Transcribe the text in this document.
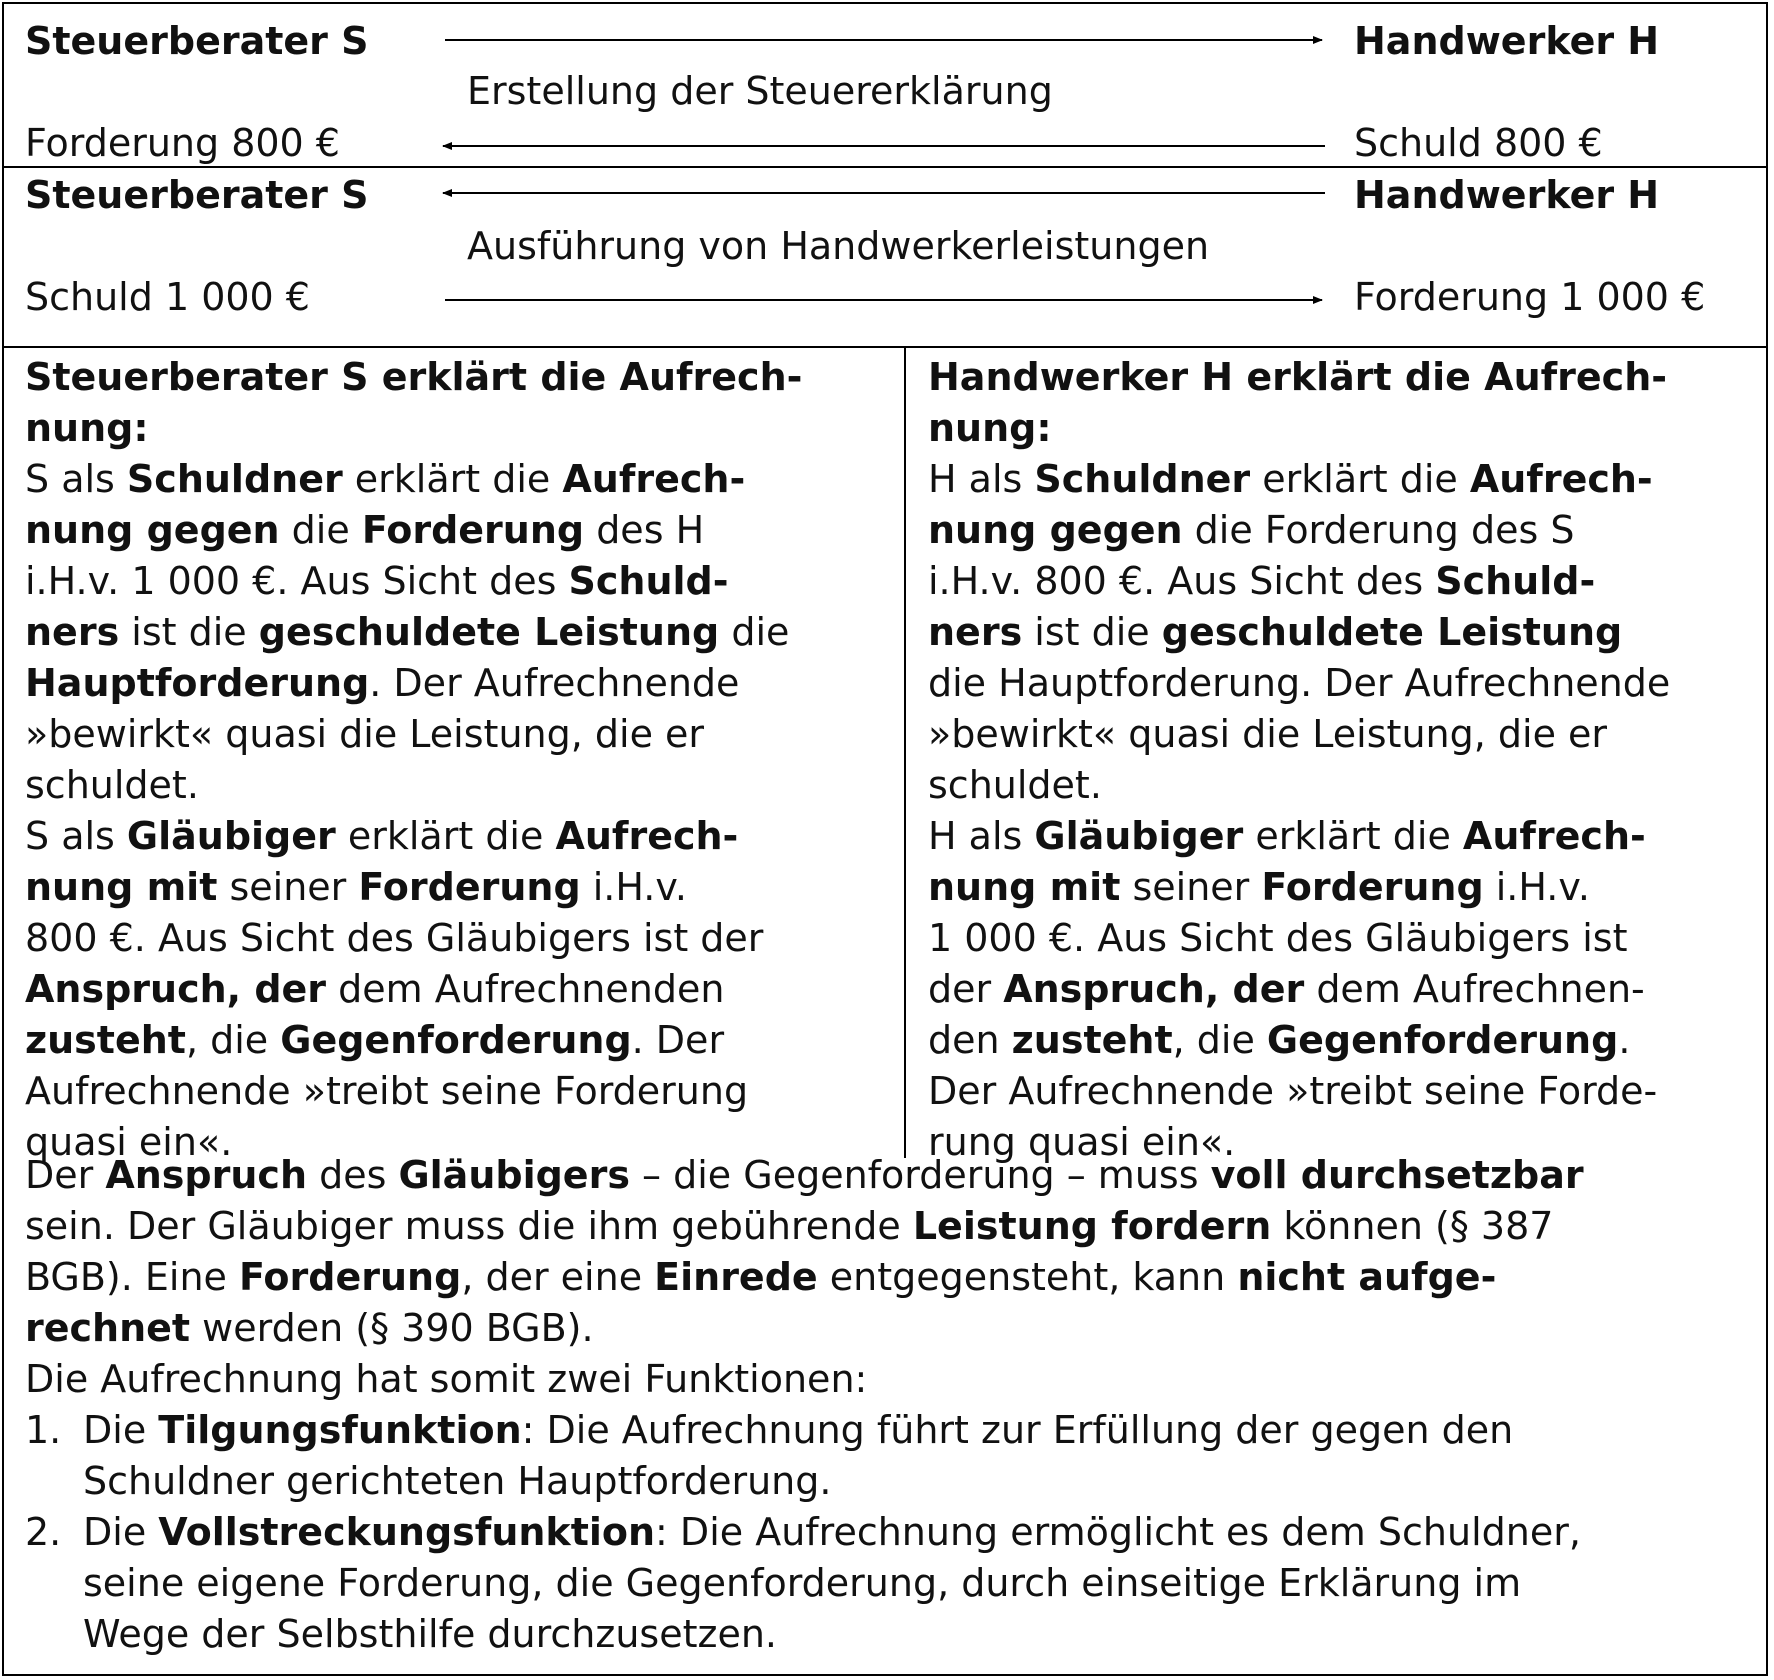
Steuerberater S	Handwerker H
Erstellung der Steuererklärung
Forderung 800 €	Schuld 800 €
Steuerberater S	Handwerker H
Ausführung von Handwerkerleistungen
Schuld 1 000 €	Forderung 1 000 €
Steuerberater S erklärt die Aufrech-
nung:
S als Schuldner erklärt die Aufrech-
nung gegen die Forderung des H
i.H.v. 1 000 €. Aus Sicht des Schuld-
ners ist die geschuldete Leistung die
Hauptforderung. Der Aufrechnende
»bewirkt« quasi die Leistung, die er
schuldet.
S als Gläubiger erklärt die Aufrech-
nung mit seiner Forderung i.H.v.
800 €. Aus Sicht des Gläubigers ist der
Anspruch, der dem Aufrechnenden
zusteht, die Gegenforderung. Der
Aufrechnende »treibt seine Forderung
quasi ein«.
Handwerker H erklärt die Aufrech-
nung:
H als Schuldner erklärt die Aufrech-
nung gegen die Forderung des S
i.H.v. 800 €. Aus Sicht des Schuld-
ners ist die geschuldete Leistung
die Hauptforderung. Der Aufrechnende
»bewirkt« quasi die Leistung, die er
schuldet.
H als Gläubiger erklärt die Aufrech-
nung mit seiner Forderung i.H.v.
1 000 €. Aus Sicht des Gläubigers ist
der Anspruch, der dem Aufrechnen-
den zusteht, die Gegenforderung.
Der Aufrechnende »treibt seine Forde-
rung quasi ein«.
Der Anspruch des Gläubigers – die Gegenforderung – muss voll durchsetzbar
sein. Der Gläubiger muss die ihm gebührende Leistung fordern können (§ 387
BGB). Eine Forderung, der eine Einrede entgegensteht, kann nicht aufge-
rechnet werden (§ 390 BGB).
Die Aufrechnung hat somit zwei Funktionen:
1. Die Tilgungsfunktion: Die Aufrechnung führt zur Erfüllung der gegen den
Schuldner gerichteten Hauptforderung.
2. Die Vollstreckungsfunktion: Die Aufrechnung ermöglicht es dem Schuldner,
seine eigene Forderung, die Gegenforderung, durch einseitige Erklärung im
Wege der Selbsthilfe durchzusetzen.
